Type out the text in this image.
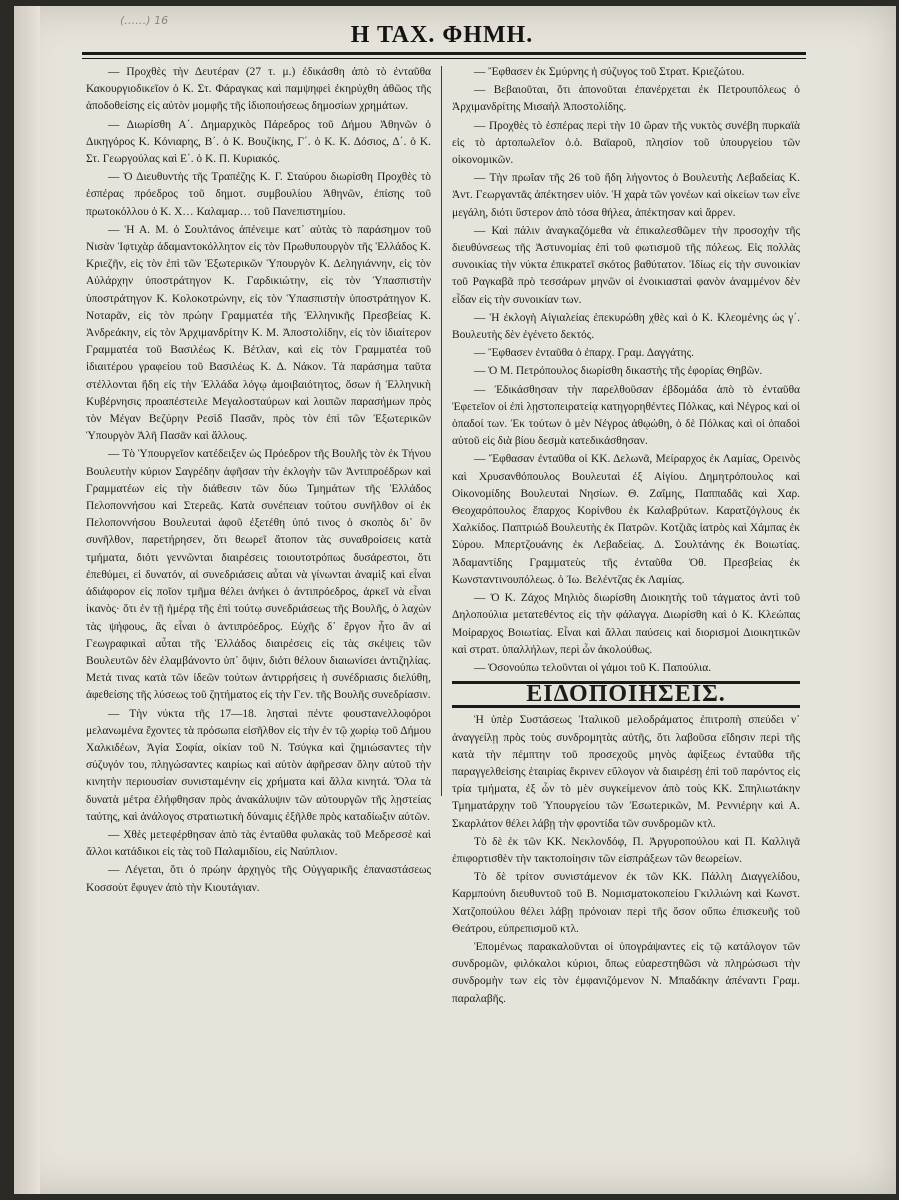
(……) 16
Η ΤΑΧ. ΦΗΜΗ.

— Προχθὲς τὴν Δευτέραν (27 τ. μ.) ἐδικάσθη ἀπὸ τὸ ἐνταῦθα Κακουργιοδικεῖον ὁ Κ. Στ. Φάραγκας καὶ παμψηφεὶ ἐκηρύχθη ἀθῶος τῆς ἀποδοθείσης εἰς αὐτὸν μομφῆς τῆς ἰδιοποιήσεως δημοσίων χρημάτων.

— Διωρίσθη Α΄. Δημαρχικὸς Πάρεδρος τοῦ Δήμου Ἀθηνῶν ὁ Δικηγόρος Κ. Κόνιαρης, Β΄. ὁ Κ. Βουζίκης, Γ΄. ὁ Κ. Κ. Δόσιος, Δ΄. ὁ Κ. Στ. Γεωργούλας καὶ Ε΄. ὁ Κ. Π. Κυριακός.

— Ὁ Διευθυντὴς τῆς Τραπέζης Κ. Γ. Σταύρου διωρίσθη Προχθὲς τὸ ἑσπέρας πρόεδρος τοῦ δημοτ. συμβουλίου Ἀθηνῶν, ἐπίσης τοῦ πρωτοκόλλου ὁ Κ. Χ… Καλαμαρ… τοῦ Πανεπιστημίου.

— Ἡ Α. Μ. ὁ Σουλτάνος ἀπένειμε κατ᾽ αὐτὰς τὸ παράσημον τοῦ Νισὰν Ἰφτιχὰρ ἀδαμαντοκόλλητον εἰς τὸν Πρωθυπουργὸν τῆς Ἑλλάδος Κ. Κριεζῆν, εἰς τὸν ἐπὶ τῶν Ἐξωτερικῶν Ὑπουργὸν Κ. Δεληγιάννην, εἰς τὸν Αὐλάρχην ὑποστράτηγον Κ. Γαρδικιώτην, εἰς τὸν Ὑπασπιστὴν ὑποστράτηγον Κ. Κολοκοτρώνην, εἰς τὸν Ὑπασπιστὴν ὑποστράτηγον Κ. Νοταρᾶν, εἰς τὸν πρώην Γραμματέα τῆς Ἑλληνικῆς Πρεσβείας Κ. Ἀνδρεάκην, εἰς τὸν Ἀρχιμανδρίτην Κ. Μ. Ἀποστολίδην, εἰς τὸν ἰδιαίτερον Γραμματέα τοῦ Βασιλέως Κ. Βέτλαν, καὶ εἰς τὸν Γραμματέα τοῦ ἰδιαιτέρου γραφείου τοῦ Βασιλέως Κ. Δ. Νάκον. Τὰ παράσημα ταῦτα στέλλονται ἤδη εἰς τὴν Ἑλλάδα λόγῳ ἀμοιβαιότητος, ὅσων ἡ Ἑλληνικὴ Κυβέρνησις προαπέστειλε Μεγαλοσταύρων καὶ λοιπῶν παρασήμων πρὸς τὸν Μέγαν Βεζύρην Ρεσὶδ Πασᾶν, πρὸς τὸν ἐπὶ τῶν Ἐξωτερικῶν Ὑπουργὸν Ἀλῆ Πασᾶν καὶ ἄλλους.

— Τὸ Ὑπουργεῖον κατέδειξεν ὡς Πρόεδρον τῆς Βουλῆς τὸν ἐκ Τήνου Βουλευτὴν κύριον Σαγρέδην ἀφῆσαν τὴν ἐκλογὴν τῶν Ἀντιπροέδρων καὶ Γραμματέων εἰς τὴν διάθεσιν τῶν δύω Τμημάτων τῆς Ἑλλάδος Πελοποννήσου καὶ Στερεᾶς. Κατὰ συνέπειαν τούτου συνῆλθον οἱ ἐκ Πελοποννήσου Βουλευταὶ ἀφοῦ ἐξετέθη ὑπό τινος ὁ σκοπὸς δι᾽ ὃν συνῆλθον, παρετήρησεν, ὅτι θεωρεῖ ἄτοπον τὰς συναθροίσεις κατὰ τμήματα, διότι γεννῶνται διαιρέσεις τοιουτοτρόπως δυσάρεστοι, ὅτι ἐπεθύμει, εἰ δυνατόν, αἱ συνεδριάσεις αὗται νὰ γίνωνται ἀναμὶξ καὶ εἶναι ἀδιάφορον εἰς ποῖον τμῆμα θέλει ἀνήκει ὁ ἀντιπρόεδρος, ἀρκεῖ νὰ εἶναι ἱκανὸς· ὅτι ἐν τῇ ἡμέρᾳ τῆς ἐπὶ τούτῳ συνεδριάσεως τῆς Βουλῆς, ὁ λαχὼν τὰς ψήφους, ἂς εἶναι ὁ ἀντιπρόεδρος. Εὐχῆς δ᾽ ἔργον ἦτο ἂν αἱ Γεωγραφικαὶ αὗται τῆς Ἑλλάδος διαιρέσεις εἰς τὰς σκέψεις τῶν Βουλευτῶν δὲν ἐλαμβάνοντο ὑπ᾽ ὄψιν, διότι θέλουν διαιωνίσει ἀντιζηλίας. Μετά τινας κατὰ τῶν ἰδεῶν τούτων ἀντιρρήσεις ἡ συνέδριασις διελύθη, ἀφεθείσης τῆς λύσεως τοῦ ζητήματος εἰς τὴν Γεν. τῆς Βουλῆς συνεδρίασιν.

— Τὴν νύκτα τῆς 17—18. λησταὶ πέντε φουστανελλοφόροι μελανωμένα ἔχοντες τὰ πρόσωπα εἰσῆλθον εἰς τὴν ἐν τῷ χωρίῳ τοῦ Δήμου Χαλκιδέων, Ἁγία Σοφία, οἰκίαν τοῦ Ν. Τσύγκα καὶ ζημιώσαντες τὴν σύζυγόν του, πληγώσαντες καιρίως καὶ αὐτὸν ἀφῆρεσαν ὅλην αὐτοῦ τὴν κινητὴν περιουσίαν συνισταμένην εἰς χρήματα καὶ ἄλλα κινητά. Ὅλα τὰ δυνατὰ μέτρα ἐλήφθησαν πρὸς ἀνακάλυψιν τῶν αὐτουργῶν τῆς λῃστείας ταύτης, καὶ ἀνάλογος στρατιωτικὴ δύναμις ἐξῆλθε πρὸς καταδίωξιν αὐτῶν.

— Χθὲς μετεφέρθησαν ἀπὸ τὰς ἐνταῦθα φυλακὰς τοῦ Μεδρεσσὲ καὶ ἄλλοι κατάδικοι εἰς τὰς τοῦ Παλαμιδίου, εἰς Ναύπλιον.

— Λέγεται, ὅτι ὁ πρώην ἀρχηγὸς τῆς Οὐγγαρικῆς ἐπαναστάσεως Κοσσοὺτ ἔφυγεν ἀπὸ τὴν Κιουτάγιαν.

— Ἔφθασεν ἐκ Σμύρνης ἡ σύζυγος τοῦ Στρατ. Κριεζώτου.

— Βεβαιοῦται, ὅτι ἀπονοῦται ἐπανέρχεται ἐκ Πετρουπόλεως ὁ Ἀρχιμανδρίτης Μισαὴλ Ἀποστολίδης.

— Προχθὲς τὸ ἑσπέρας περὶ τὴν 10 ὥραν τῆς νυκτὸς συνέβη πυρκαϊὰ εἰς τὸ ἀρτοπωλεῖον ὁ.ὁ. Βαϊαροῦ, πλησίον τοῦ ὑπουργείου τῶν οἰκονομικῶν.

— Τὴν πρωΐαν τῆς 26 τοῦ ἤδη λήγοντος ὁ Βουλευτὴς Λεβαδείας Κ. Ἀντ. Γεωργαντᾶς ἀπέκτησεν υἱόν. Ἡ χαρὰ τῶν γονέων καὶ οἰκείων των εἶνε μεγάλη, διότι ὕστερον ἀπὸ τόσα θήλεα, ἀπέκτησαν καὶ ἄρρεν.

— Καὶ πάλιν ἀναγκαζόμεθα νὰ ἐπικαλεσθῶμεν τὴν προσοχὴν τῆς διευθύνσεως τῆς Ἀστυνομίας ἐπὶ τοῦ φωτισμοῦ τῆς πόλεως. Εἰς πολλὰς συνοικίας τὴν νύκτα ἐπικρατεῖ σκότος βαθύτατον. Ἰδίως εἰς τὴν συνοικίαν τοῦ Ραγκαβᾶ πρὸ τεσσάρων μηνῶν οἱ ἐνοικιασταὶ φανὸν ἀναμμένον δὲν εἶδαν εἰς τὴν συνοικίαν των.

— Ἡ ἐκλογὴ Αἰγιαλείας ἐπεκυρώθη χθὲς καὶ ὁ Κ. Κλεομένης ὡς γ΄. Βουλευτὴς δὲν ἐγένετο δεκτός.

— Ἔφθασεν ἐνταῦθα ὁ ἐπαρχ. Γραμ. Δαγγάτης.

— Ὁ Μ. Πετρόπουλος διωρίσθη δικαστὴς τῆς ἐφορίας Θηβῶν.

— Ἐδικάσθησαν τὴν παρελθοῦσαν ἑβδομάδα ἀπὸ τὸ ἐνταῦθα Ἐφετεῖον οἱ ἐπὶ λῃστοπειρατείᾳ κατηγορηθέντες Πόλκας, καὶ Νέγρος καὶ οἱ ὁπαδοί των. Ἐκ τούτων ὁ μὲν Νέγρος ἀθῳώθη, ὁ δὲ Πόλκας καὶ οἱ ὁπαδοὶ αὐτοῦ εἰς διὰ βίου δεσμὰ κατεδικάσθησαν.

— Ἔφθασαν ἐνταῦθα οἱ ΚΚ. Δελωνᾶ, Μείραρχος ἐκ Λαμίας, Ορεινὸς καὶ Χρυσανθόπουλος Βουλευταὶ ἐξ Αἰγίου. Δημητρόπουλος καὶ Οἰκονομίδης Βουλευταὶ Νησίων. Θ. Ζαΐμης, Παππαδᾶς καὶ Χαρ. Θεοχαρόπουλος ἔπαρχος Κορίνθου ἐκ Καλαβρύτων. Καρατζόγλους ἐκ Χαλκίδος. Παπτριώδ Βουλευτὴς ἐκ Πατρῶν. Κοτζιᾶς ἰατρὸς καὶ Χάμπας ἐκ Σύρου. Μπερτζουάνης ἐκ Λεβαδείας. Δ. Σουλτάνης ἐκ Βοιωτίας. Ἀδαμαντίδης Γραμματεὺς τῆς ἐνταῦθα Ὀθ. Πρεσβείας ἐκ Κωνσταντινουπόλεως. ὁ Ἰω. Βελέντζας ἐκ Λαμίας.

— Ὁ Κ. Ζάχος Μηλιὸς διωρίσθη Διοικητὴς τοῦ τάγματος ἀντὶ τοῦ Δηλοπούλια μετατεθέντος εἰς τὴν φάλαγγα. Διωρίσθη καὶ ὁ Κ. Κλεώπας Μοίραρχος Βοιωτίας. Εἶναι καὶ ἄλλαι παύσεις καὶ διορισμοὶ Διοικητικῶν καὶ στρατ. ὑπαλλήλων, περὶ ὧν ἀκολούθως.

— Ὁσονούπω τελοῦνται οἱ γάμοι τοῦ Κ. Παπούλια.

ΕΙΔΟΠΟΙΗΣΕΙΣ.

Ἡ ὑπὲρ Συστάσεως Ἰταλικοῦ μελοδράματος ἐπιτροπὴ σπεύδει ν᾽ ἀναγγείλῃ πρὸς τοὺς συνδρομητὰς αὐτῆς, ὅτι λαβοῦσα εἴδησιν περὶ τῆς κατὰ τὴν πέμπτην τοῦ προσεχοῦς μηνὸς ἀφίξεως ἐνταῦθα τῆς παραγγελθείσης ἑταιρίας ἔκρινεν εὔλογον νὰ διαιρέσῃ ἐπὶ τοῦ παρόντος εἰς τρία τμήματα, ἐξ ὧν τὸ μὲν συγκείμενον ἀπὸ τοὺς ΚΚ. Σπηλιωτάκην Τμηματάρχην τοῦ Ὑπουργείου τῶν Ἐσωτερικῶν, Μ. Ρεννιέρην καὶ Α. Σκαρλάτον θέλει λάβῃ τὴν φροντίδα τῶν συνδρομῶν κτλ.

Τὸ δὲ ἐκ τῶν ΚΚ. Νεκλονδόφ, Π. Ἀργυροπούλου καὶ Π. Καλλιγᾶ ἐπιφορτισθὲν τὴν τακτοποίησιν τῶν εἰσπράξεων τῶν θεωρείων.

Τὸ δὲ τρίτον συνιστάμενον ἐκ τῶν ΚΚ. Πάλλη Διαγγελίδου, Καρμπούνη διευθυντοῦ τοῦ Β. Νομισματοκοπείου Γκιλλιώνη καὶ Κωνστ. Χατζοπούλου θέλει λάβῃ πρόνοιαν περὶ τῆς ὅσον οὔπω ἐπισκευῆς τοῦ Θεάτρου, εὐπρεπισμοῦ κτλ.

Ἐπομένως παρακαλοῦνται οἱ ὑπογράψαντες εἰς τῷ κατάλογον τῶν συνδρομῶν, φιλόκαλοι κύριοι, ὅπως εὐαρεστηθῶσι νὰ πληρώσωσι τὴν συνδρομὴν των εἰς τὸν ἐμφανιζόμενον Ν. Μπαδάκην ἀπέναντι Γραμ. παραλαβῆς.
